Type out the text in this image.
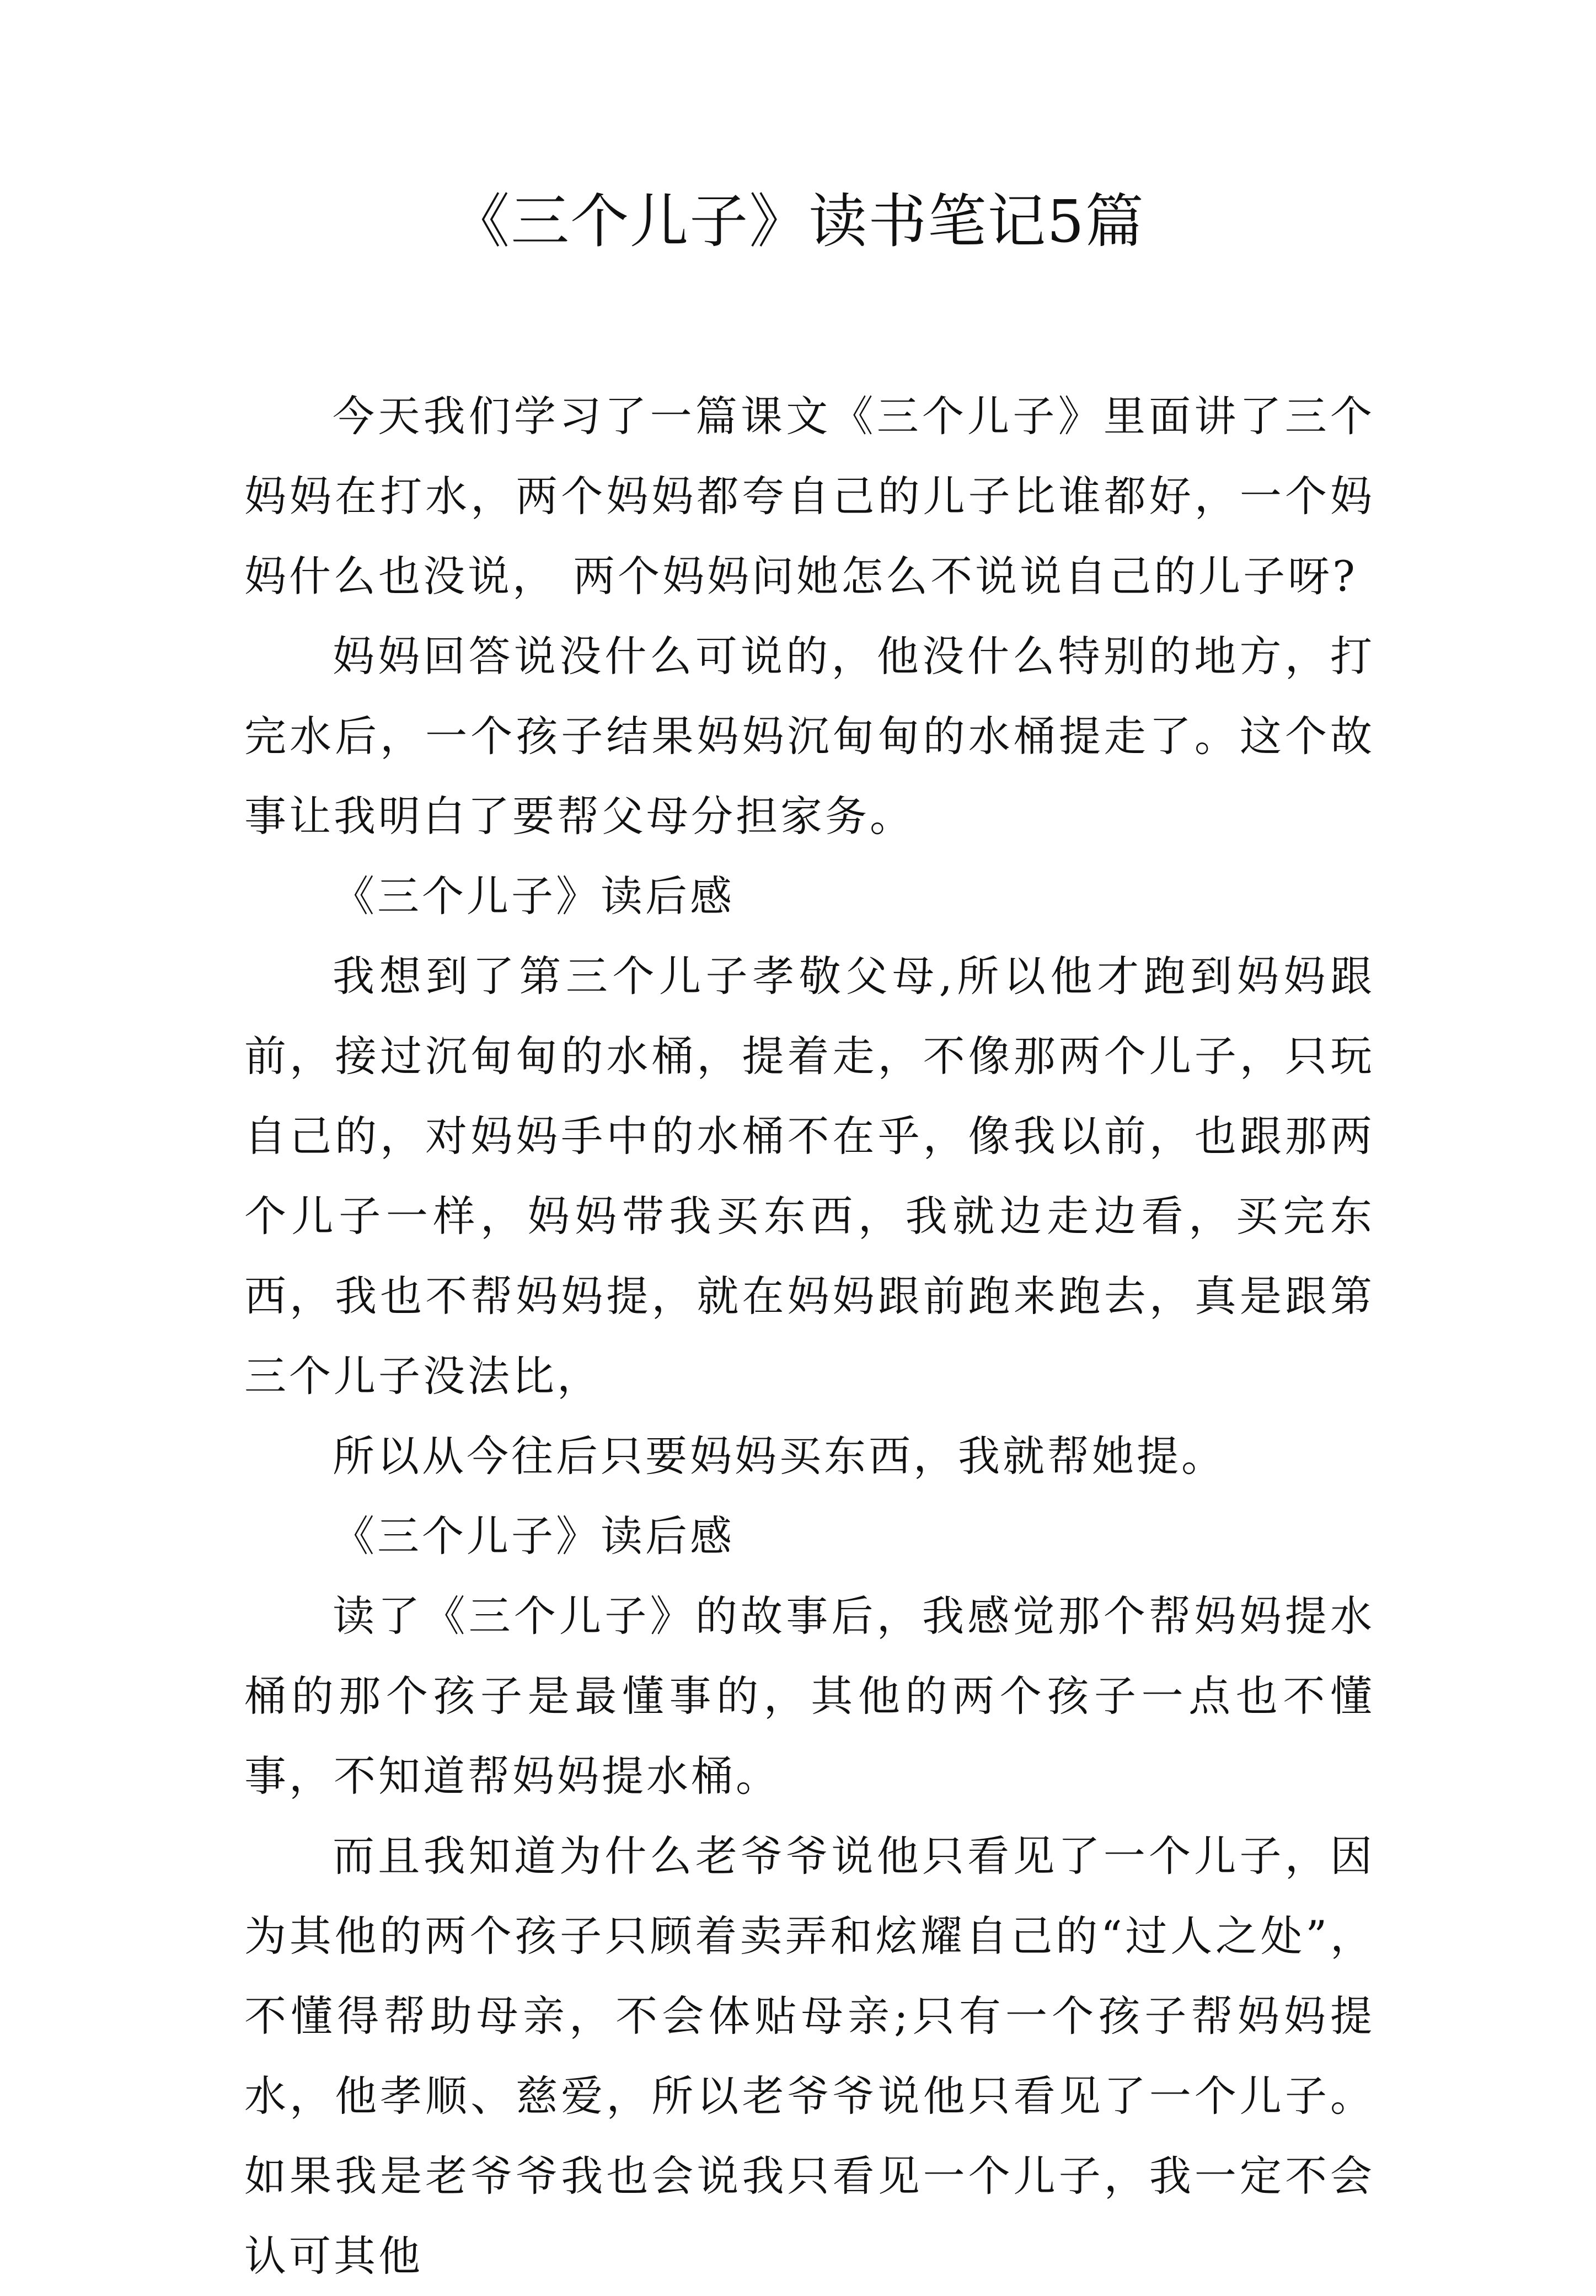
《三个儿子》读书笔记5篇

今天我们学习了一篇课文《三个儿子》里面讲了三个妈妈在打水，两个妈妈都夸自己的儿子比谁都好，一个妈妈什么也没说， 两个妈妈问她怎么不说说自己的儿子呀?

妈妈回答说没什么可说的，他没什么特别的地方，打完水后，一个孩子结果妈妈沉甸甸的水桶提走了。这个故事让我明白了要帮父母分担家务。

《三个儿子》读后感

我想到了第三个儿子孝敬父母,所以他才跑到妈妈跟前，接过沉甸甸的水桶，提着走，不像那两个儿子，只玩自己的，对妈妈手中的水桶不在乎，像我以前，也跟那两个儿子一样，妈妈带我买东西，我就边走边看，买完东西，我也不帮妈妈提，就在妈妈跟前跑来跑去，真是跟第三个儿子没法比，

所以从今往后只要妈妈买东西，我就帮她提。

《三个儿子》读后感

读了《三个儿子》的故事后，我感觉那个帮妈妈提水桶的那个孩子是最懂事的，其他的两个孩子一点也不懂事，不知道帮妈妈提水桶。

而且我知道为什么老爷爷说他只看见了一个儿子，因为其他的两个孩子只顾着卖弄和炫耀自己的“过人之处”，不懂得帮助母亲，不会体贴母亲;只有一个孩子帮妈妈提水，他孝顺、慈爱，所以老爷爷说他只看见了一个儿子。如果我是老爷爷我也会说我只看见一个儿子，我一定不会认可其他
